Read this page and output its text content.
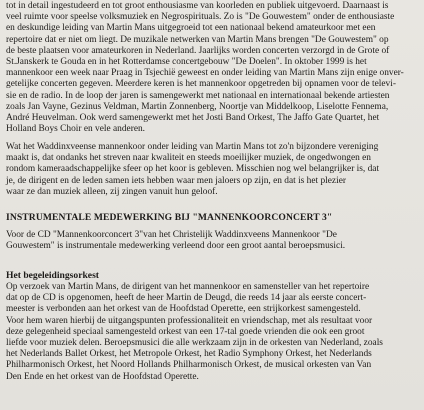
tot in detail ingestudeerd en tot groot enthousiasme van koorleden en publiek uitgevoerd. Daarnaast is
veel ruimte voor speelse volksmuziek en Negrospirituals. Zo is "De Gouwestem" onder de enthousiaste
en deskundige leiding van Martin Mans uitgegroeid tot een nationaal bekend amateurkoor met een
repertoire dat er niet om liegt. De muzikale netwerken van Martin Mans brengen "De Gouwestem" op
de beste plaatsen voor amateurkoren in Nederland. Jaarlijks worden concerten verzorgd in de Grote of
St.Janskerk te Gouda en in het Rotterdamse concertgebouw "De Doelen". In oktober 1999 is het
mannenkoor een week naar Praag in Tsjechië geweest en onder leiding van Martin Mans zijn enige onver-
getelijke concerten gegeven. Meerdere keren is het mannenkoor opgetreden bij opnamen voor de televi-
sie en de radio. In de loop der jaren is samengewerkt met nationaal en internationaal bekende artiesten
zoals Jan Vayne, Gezinus Veldman, Martin Zonnenberg, Noortje van Middelkoop, Liselotte Fennema,
André Heuvelman. Ook werd samengewerkt met het Josti Band Orkest, The Jaffo Gate Quartet, het
Holland Boys Choir en vele anderen.
Wat het Waddinxveense mannenkoor onder leiding van Martin Mans tot zo'n bijzondere vereniging
maakt is, dat ondanks het streven naar kwaliteit en steeds moeilijker muziek, de ongedwongen en
rondom kameraadschappelijke sfeer op het koor is gebleven. Misschien nog wel belangrijker is, dat
je, de dirigent en de leden samen iets hebben waar men jaloers op zijn, en dat is het plezier
waar ze dan muziek alleen, zij zingen vanuit hun geloof.
INSTRUMENTALE MEDEWERKING BIJ "MANNENKOORCONCERT 3"
Voor de CD "Mannenkoorconcert 3"van het Christelijk Waddinxveens Mannenkoor "De
Gouwestem" is instrumentale medewerking verleend door een groot aantal beroepsmusici.
Het begeleidingsorkest
Op verzoek van Martin Mans, de dirigent van het mannenkoor en samensteller van het repertoire
dat op de CD is opgenomen, heeft de heer Martin de Deugd, die reeds 14 jaar als eerste concert-
meester is verbonden aan het orkest van de Hoofdstad Operette, een strijkorkest samengesteld.
Voor hem waren hierbij de uitgangspunten professionaliteit en vriendschap, met als resultaat voor
deze gelegenheid speciaal samengesteld orkest van een 17-tal goede vrienden die ook een groot
liefde voor muziek delen. Beroepsmusici die alle werkzaam zijn in de orkesten van Nederland, zoals
het Nederlands Ballet Orkest, het Metropole Orkest, het Radio Symphony Orkest, het Nederlands
Philharmonisch Orkest, het Noord Hollands Philharmonisch Orkest, de musical orkesten van Van
Den Ende en het orkest van de Hoofdstad Operette.
